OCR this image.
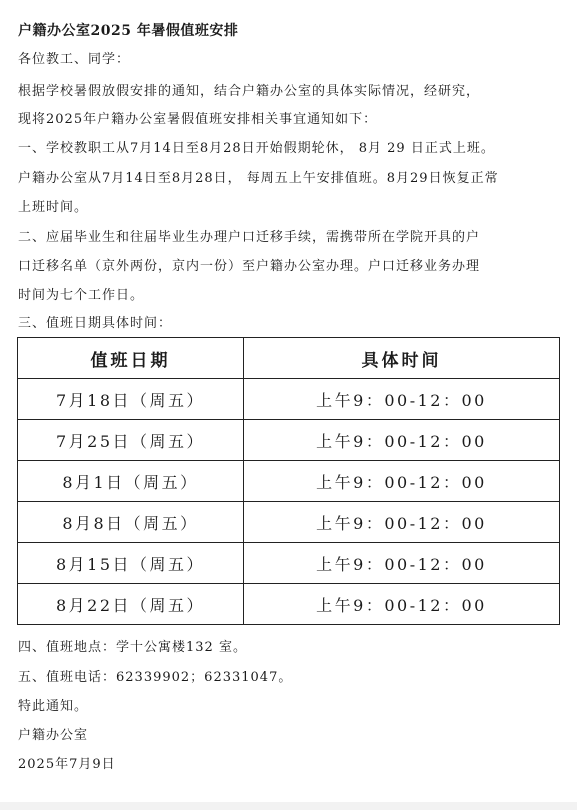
户籍办公室2025 年暑假值班安排
各位教工、同学：
根据学校暑假放假安排的通知，结合户籍办公室的具体实际情况，经研究，
现将2025年户籍办公室暑假值班安排相关事宜通知如下：
一、学校教职工从7月14日至8月28日开始假期轮休， 8月 29 日正式上班。
户籍办公室从7月14日至8月28日， 每周五上午安排值班。8月29日恢复正常
上班时间。
二、应届毕业生和往届毕业生办理户口迁移手续，需携带所在学院开具的户
口迁移名单（京外两份，京内一份）至户籍办公室办理。户口迁移业务办理
时间为七个工作日。
三、值班日期具体时间：
值班日期	具体时间
7月18日（周五）	上午9：00-12：00
7月25日（周五）	上午9：00-12：00
8月1日（周五）	上午9：00-12：00
8月8日（周五）	上午9：00-12：00
8月15日（周五）	上午9：00-12：00
8月22日（周五）	上午9：00-12：00
四、值班地点：学十公寓楼132 室。
五、值班电话：62339902；62331047。
特此通知。
户籍办公室
2025年7月9日
